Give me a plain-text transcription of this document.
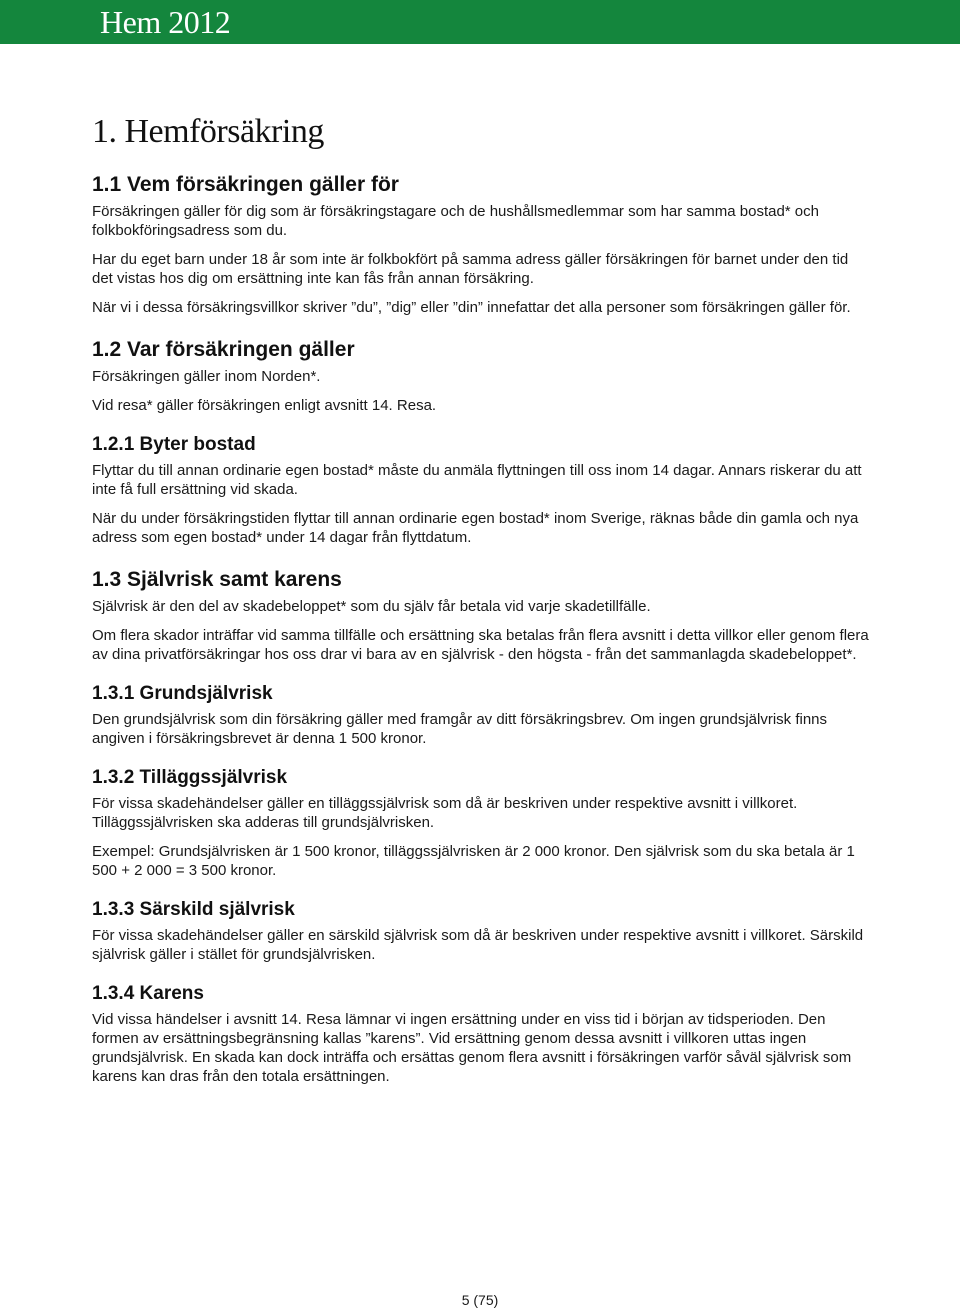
Hem 2012
1. Hemförsäkring
1.1 Vem försäkringen gäller för

Försäkringen gäller för dig som är försäkringstagare och de hushållsmedlemmar som har samma bostad* och folkbokföringsadress som du.

Har du eget barn under 18 år som inte är folkbokfört på samma adress gäller försäkringen för barnet under den tid det vistas hos dig om ersättning inte kan fås från annan försäkring.

När vi i dessa försäkringsvillkor skriver ”du”, ”dig” eller ”din” innefattar det alla personer som försäkringen gäller för.

1.2 Var försäkringen gäller

Försäkringen gäller inom Norden*.

Vid resa* gäller försäkringen enligt avsnitt 14. Resa.

1.2.1 Byter bostad

Flyttar du till annan ordinarie egen bostad* måste du anmäla flyttningen till oss inom 14 dagar. Annars riskerar du att inte få full ersättning vid skada.

När du under försäkringstiden flyttar till annan ordinarie egen bostad* inom Sverige, räknas både din gamla och nya adress som egen bostad* under 14 dagar från flyttdatum.

1.3 Självrisk samt karens

Självrisk är den del av skadebeloppet* som du själv får betala vid varje skadetillfälle.

Om flera skador inträffar vid samma tillfälle och ersättning ska betalas från flera avsnitt i detta villkor eller genom flera av dina privatförsäkringar hos oss drar vi bara av en självrisk - den högsta - från det sammanlagda skadebeloppet*.

1.3.1 Grundsjälvrisk

Den grundsjälvrisk som din försäkring gäller med framgår av ditt försäkringsbrev. Om ingen grundsjälvrisk finns angiven i försäkringsbrevet är denna 1 500 kronor.

1.3.2 Tilläggssjälvrisk

För vissa skadehändelser gäller en tilläggssjälvrisk som då är beskriven under respektive avsnitt i villkoret. Tilläggssjälvrisken ska adderas till grundsjälvrisken.

Exempel: Grundsjälvrisken är 1 500 kronor, tilläggssjälvrisken är 2 000 kronor. Den självrisk som du ska betala är 1 500 + 2 000 = 3 500 kronor.

1.3.3 Särskild självrisk

För vissa skadehändelser gäller en särskild självrisk som då är beskriven under respektive avsnitt i villkoret. Särskild självrisk gäller i stället för grundsjälvrisken.

1.3.4 Karens

Vid vissa händelser i avsnitt 14. Resa lämnar vi ingen ersättning under en viss tid i början av tidsperioden. Den formen av ersättningsbegränsning kallas ”karens”. Vid ersättning genom dessa avsnitt i villkoren uttas ingen grundsjälvrisk. En skada kan dock inträffa och ersättas genom flera avsnitt i försäkringen varför såväl självrisk som karens kan dras från den totala ersättningen.

5 (75)
